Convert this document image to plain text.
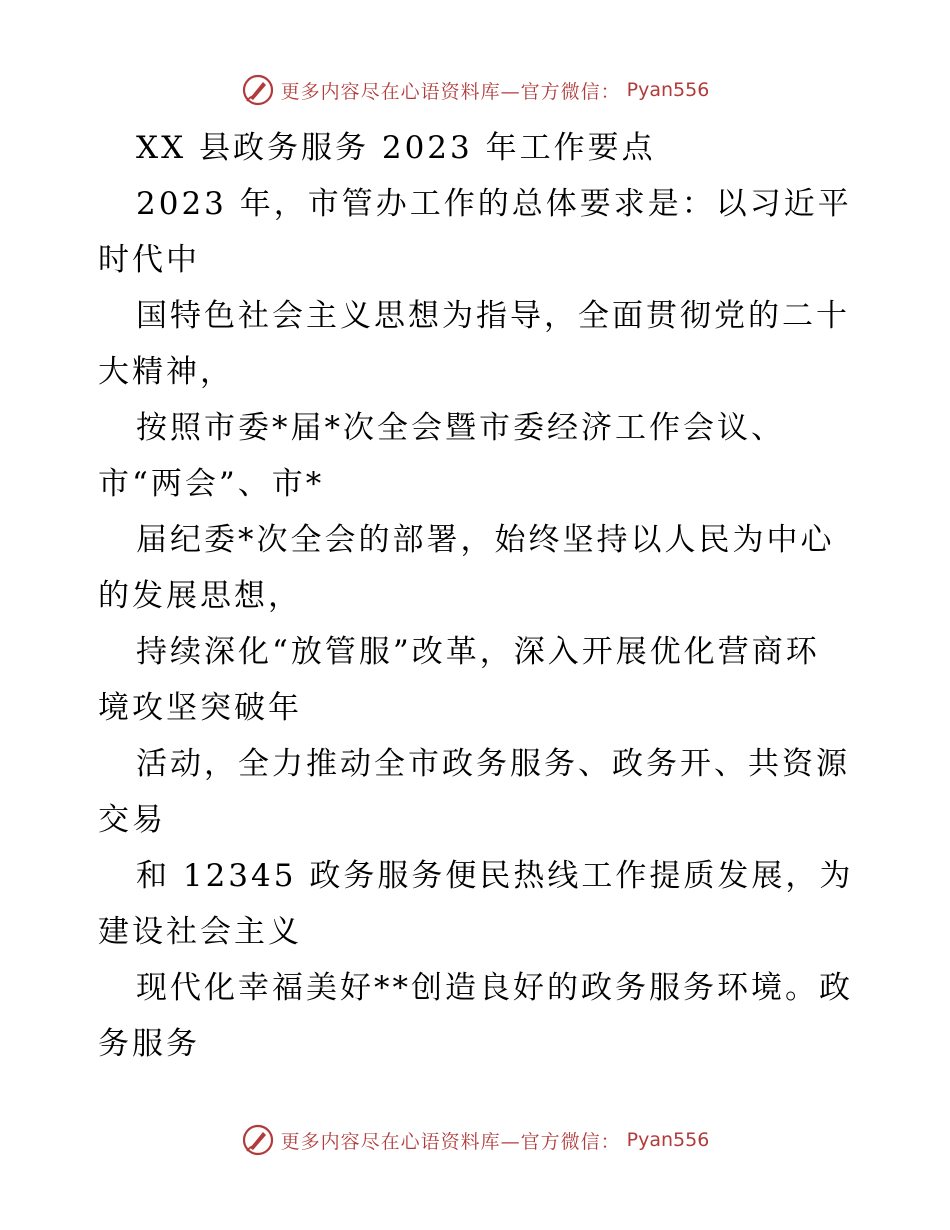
更多内容尽在心语资料库—官方微信： Pyan556
XX 县政务服务 2023 年工作要点
2023 年，市管办工作的总体要求是：以习近平
时代中
国特色社会主义思想为指导，全面贯彻党的二十
大精神，
按照市委*届*次全会暨市委经济工作会议、
市“两会”、市*
届纪委*次全会的部署，始终坚持以人民为中心
的发展思想，
持续深化“放管服”改革，深入开展优化营商环
境攻坚突破年
活动，全力推动全市政务服务、政务开、共资源
交易
和 12345 政务服务便民热线工作提质发展，为
建设社会主义
现代化幸福美好**创造良好的政务服务环境。政
务服务
更多内容尽在心语资料库—官方微信： Pyan556
